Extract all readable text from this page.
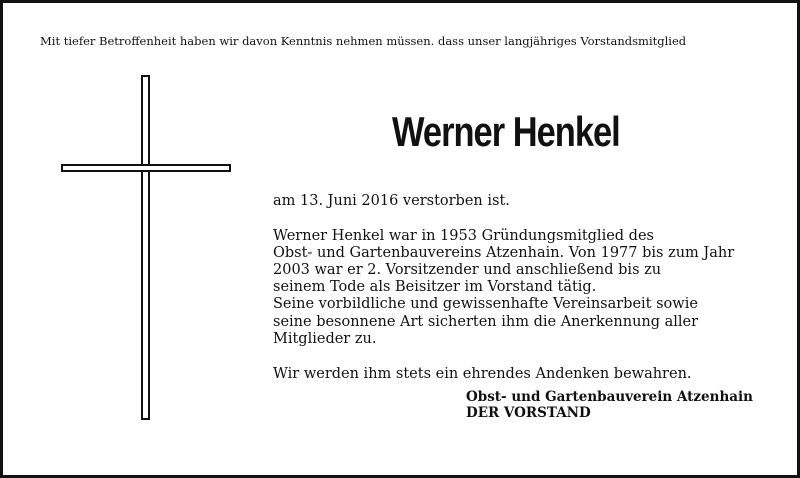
Mit tiefer Betroffenheit haben wir davon Kenntnis nehmen müssen. dass unser langjähriges Vorstandsmitglied
Werner Henkel
am 13. Juni 2016 verstorben ist.
Werner Henkel war in 1953 Gründungsmitglied des
Obst- und Gartenbauvereins Atzenhain. Von 1977 bis zum Jahr
2003 war er 2. Vorsitzender und anschließend bis zu
seinem Tode als Beisitzer im Vorstand tätig.
Seine vorbildliche und gewissenhafte Vereinsarbeit sowie
seine besonnene Art sicherten ihm die Anerkennung aller
Mitglieder zu.
Wir werden ihm stets ein ehrendes Andenken bewahren.
Obst- und Gartenbauverein Atzenhain
DER VORSTAND
